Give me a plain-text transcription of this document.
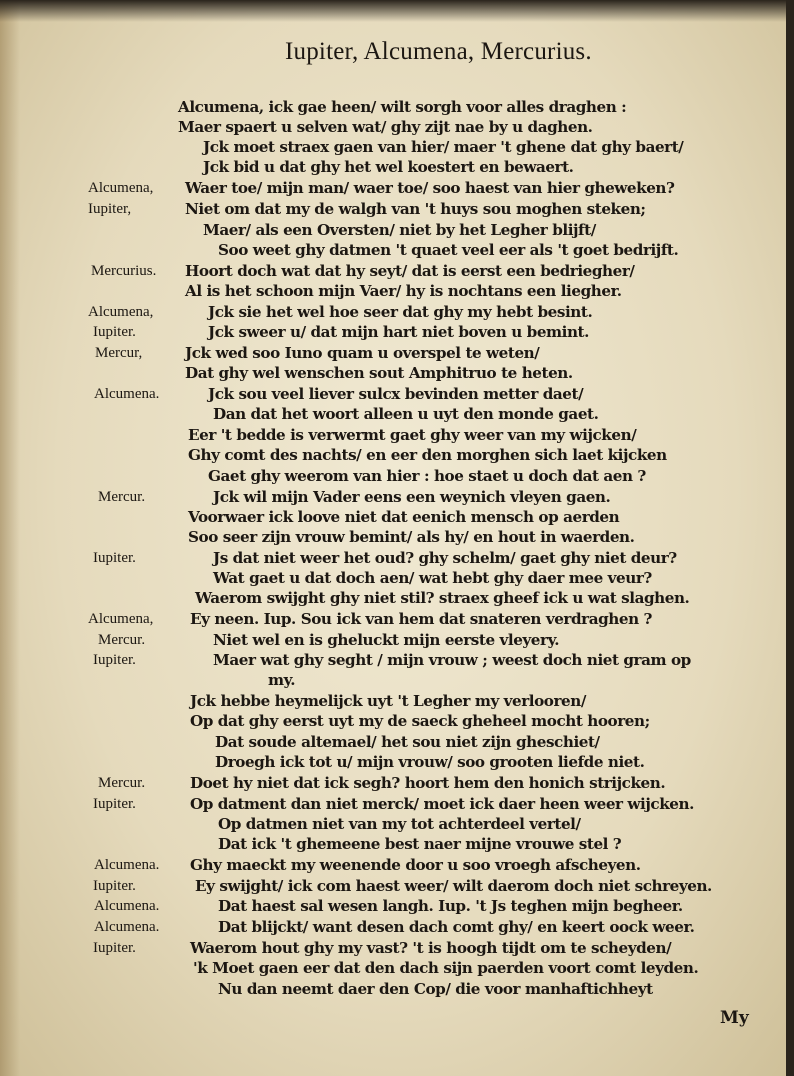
Iupiter, Alcumena, Mercurius.
Alcumena, ick gae heen/ wilt sorgh voor alles draghen :
Maer spaert u selven wat/ ghy zijt nae by u daghen.
Jck moet straex gaen van hier/ maer 't ghene dat ghy baert/
Jck bid u dat ghy het wel koestert en bewaert.
Alcumena, Waer toe/ mijn man/ waer toe/ soo haest van hier gheweken?
Iupiter,	Niet om dat my de walgh van 't huys sou moghen steken;
Maer/ als een Oversten/ niet by het Legher blijft/
Soo weet ghy datmen 't quaet veel eer als 't goet bedrijft.
Mercurius. Hoort doch wat dat hy seyt/ dat is eerst een bedriegher/
Al is het schoon mijn Vaer/ hy is nochtans een liegher.
Alcumena,	Jck sie het wel hoe seer dat ghy my hebt besint.
Iupiter.	Jck sweer u/ dat mijn hart niet boven u bemint.
Mercur,	Jck wed soo Iuno quam u overspel te weten/
Dat ghy wel wenschen sout Amphitruo te heten.
Alcumena.	Jck sou veel liever sulcx bevinden metter daet/
Dan dat het woort alleen u uyt den monde gaet.
Eer 't bedde is verwermt gaet ghy weer van my wijcken/
Ghy comt des nachts/ en eer den morghen sich laet kijcken
Gaet ghy weerom van hier : hoe staet u doch dat aen ?
Mercur.	Jck wil mijn Vader eens een weynich vleyen gaen.
Voorwaer ick loove niet dat eenich mensch op aerden
Soo seer zijn vrouw bemint/ als hy/ en hout in waerden.
Iupiter.	Js dat niet weer het oud? ghy schelm/ gaet ghy niet deur?
Wat gaet u dat doch aen/ wat hebt ghy daer mee veur?
Waerom swijght ghy niet stil? straex gheef ick u wat slaghen.
Alcumena, Ey neen. Iup. Sou ick van hem dat snateren verdraghen ?
Mercur.	Niet wel en is gheluckt mijn eerste vleyery.
Iupiter.	Maer wat ghy seght / mijn vrouw ; weest doch niet gram op
my.
Jck hebbe heymelijck uyt 't Legher my verlooren/
Op dat ghy eerst uyt my de saeck gheheel mocht hooren;
Dat soude altemael/ het sou niet zijn gheschiet/
Droegh ick tot u/ mijn vrouw/ soo grooten liefde niet.
Mercur.	Doet hy niet dat ick segh? hoort hem den honich strijcken.
Iupiter.	Op datment dan niet merck/ moet ick daer heen weer wijcken.
Op datmen niet van my tot achterdeel vertel/
Dat ick 't ghemeene best naer mijne vrouwe stel ?
Alcumena. Ghy maeckt my weenende door u soo vroegh afscheyen.
Iupiter.	Ey swijght/ ick com haest weer/ wilt daerom doch niet schreyen.
Alcumena.	Dat haest sal wesen langh. Iup. 't Js teghen mijn begheer.
Alcumena.	Dat blijckt/ want desen dach comt ghy/ en keert oock weer.
Iupiter.	Waerom hout ghy my vast? 't is hoogh tijdt om te scheyden/
'k Moet gaen eer dat den dach sijn paerden voort comt leyden.
Nu dan neemt daer den Cop/ die voor manhaftichheyt
My
